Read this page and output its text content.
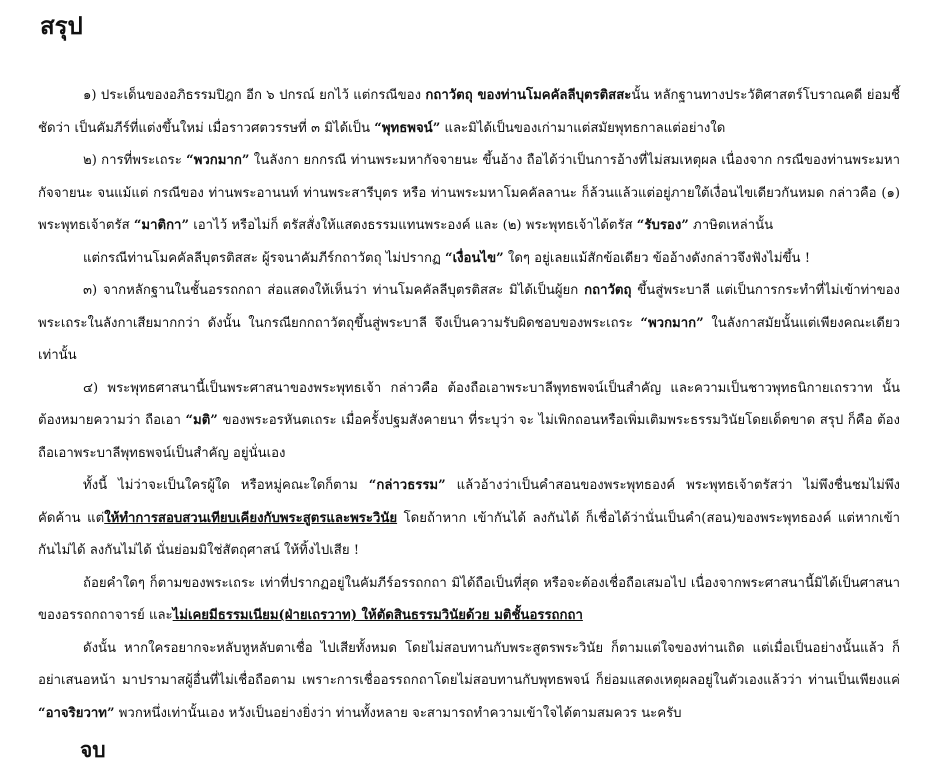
สรุป

๑) ประเด็นของอภิธรรมปิฎก อีก ๖ ปกรณ์ ยกไว้ แต่กรณีของ กถาวัตถุ ของท่านโมคคัลลีบุตรติสสะนั้น หลักฐานทางประวัติศาสตร์โบราณคดี ย่อมชี้ชัดว่า เป็นคัมภีร์ที่แต่งขึ้นใหม่ เมื่อราวศตวรรษที่ ๓ มิได้เป็น “พุทธพจน์” และมิได้เป็นของเก่ามาแต่สมัยพุทธกาลแต่อย่างใด

๒) การที่พระเถระ “พวกมาก” ในลังกา ยกกรณี ท่านพระมหากัจจายนะ ขึ้นอ้าง ถือได้ว่าเป็นการอ้างที่ไม่สมเหตุผล เนื่องจาก กรณีของท่านพระมหากัจจายนะ จนแม้แต่ กรณีของ ท่านพระอานนท์ ท่านพระสารีบุตร หรือ ท่านพระมหาโมคคัลลานะ ก็ล้วนแล้วแต่อยู่ภายใต้เงื่อนไขเดียวกันหมด กล่าวคือ (๑) พระพุทธเจ้าตรัส “มาติกา” เอาไว้ หรือไม่ก็ ตรัสสั่งให้แสดงธรรมแทนพระองค์ และ (๒) พระพุทธเจ้าได้ตรัส “รับรอง” ภาษิตเหล่านั้น

แต่กรณีท่านโมคคัลลีบุตรติสสะ ผู้รจนาคัมภีร์กถาวัตถุ ไม่ปรากฏ “เงื่อนไข” ใดๆ อยู่เลยแม้สักข้อเดียว ข้ออ้างดังกล่าวจึงฟังไม่ขึ้น !

๓) จากหลักฐานในชั้นอรรถกถา ส่อแสดงให้เห็นว่า ท่านโมคคัลลีบุตรติสสะ มิได้เป็นผู้ยก กถาวัตถุ ขึ้นสู่พระบาลี แต่เป็นการกระทำที่ไม่เข้าท่าของพระเถระในลังกาเสียมากกว่า ดังนั้น ในกรณียกกถาวัตถุขึ้นสู่พระบาลี จึงเป็นความรับผิดชอบของพระเถระ “พวกมาก” ในลังกาสมัยนั้นแต่เพียงคณะเดียวเท่านั้น

๔) พระพุทธศาสนานี้เป็นพระศาสนาของพระพุทธเจ้า กล่าวคือ ต้องถือเอาพระบาลีพุทธพจน์เป็นสำคัญ และความเป็นชาวพุทธนิกายเถรวาท นั้น ต้องหมายความว่า ถือเอา “มติ” ของพระอรหันตเถระ เมื่อครั้งปฐมสังคายนา ที่ระบุว่า จะ ไม่เพิกถอนหรือเพิ่มเติมพระธรรมวินัยโดยเด็ดขาด สรุป ก็คือ ต้องถือเอาพระบาลีพุทธพจน์เป็นสำคัญ อยู่นั่นเอง

ทั้งนี้ ไม่ว่าจะเป็นใครผู้ใด หรือหมู่คณะใดก็ตาม “กล่าวธรรม” แล้วอ้างว่าเป็นคำสอนของพระพุทธองค์ พระพุทธเจ้าตรัสว่า ไม่พึงชื่นชมไม่พึงคัดค้าน แต่ให้ทำการสอบสวนเทียบเคียงกับพระสูตรและพระวินัย โดยถ้าหาก เข้ากันได้ ลงกันได้ ก็เชื่อได้ว่านั่นเป็นคำ(สอน)ของพระพุทธองค์ แต่หากเข้ากันไม่ได้ ลงกันไม่ได้ นั่นย่อมมิใช่สัตถุศาสน์ ให้ทิ้งไปเสีย !

ถ้อยคำใดๆ ก็ตามของพระเถระ เท่าที่ปรากฏอยู่ในคัมภีร์อรรถกถา มิได้ถือเป็นที่สุด หรือจะต้องเชื่อถือเสมอไป เนื่องจากพระศาสนานี้มิได้เป็นศาสนาของอรรถกถาจารย์ และไม่เคยมีธรรมเนียม(ฝ่ายเถรวาท) ให้ตัดสินธรรมวินัยด้วย มติชั้นอรรถกถา

ดังนั้น หากใครอยากจะหลับหูหลับตาเชื่อ ไปเสียทั้งหมด โดยไม่สอบทานกับพระสูตรพระวินัย ก็ตามแต่ใจของท่านเถิด แต่เมื่อเป็นอย่างนั้นแล้ว ก็อย่าเสนอหน้า มาปรามาสผู้อื่นที่ไม่เชื่อถือตาม เพราะการเชื่ออรรถกถาโดยไม่สอบทานกับพุทธพจน์ ก็ย่อมแสดงเหตุผลอยู่ในตัวเองแล้วว่า ท่านเป็นเพียงแค่ “อาจริยวาท” พวกหนึ่งเท่านั้นเอง หวังเป็นอย่างยิ่งว่า ท่านทั้งหลาย จะสามารถทำความเข้าใจได้ตามสมควร นะครับ

จบ
